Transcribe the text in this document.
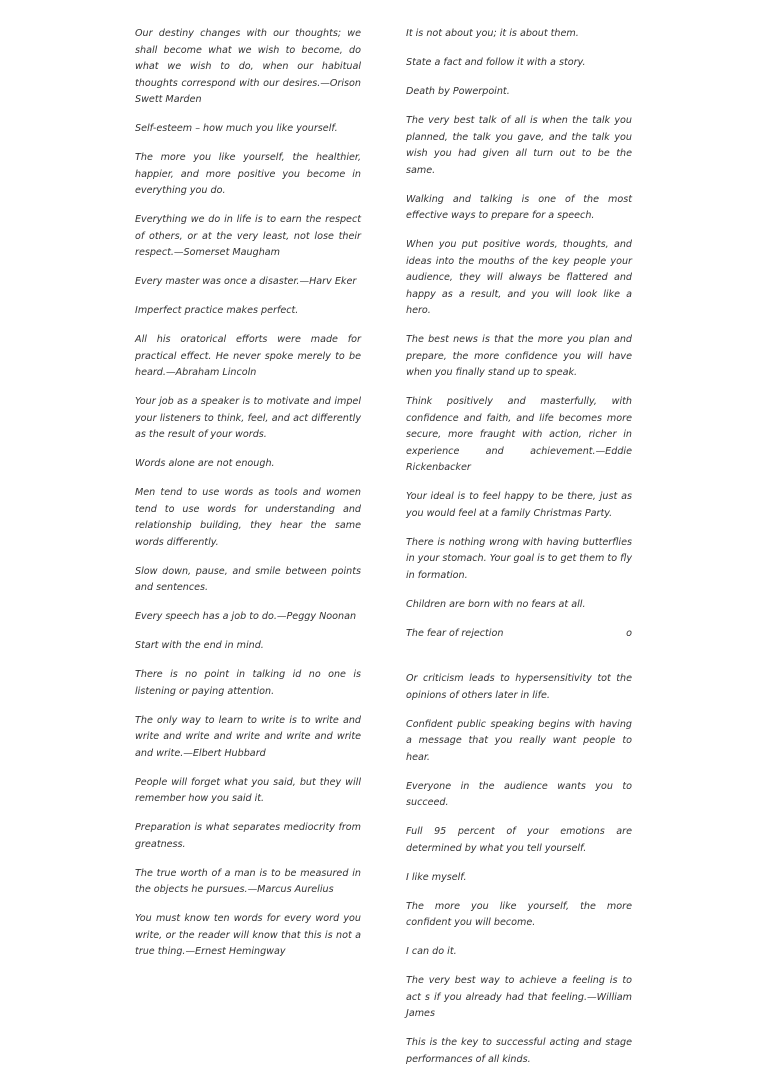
Our destiny changes with our thoughts; we shall become what we wish to become, do what we wish to do, when our habitual thoughts correspond with our desires.—Orison Swett Marden

Self-esteem – how much you like yourself.

The more you like yourself, the healthier, happier, and more positive you become in everything you do.

Everything we do in life is to earn the respect of others, or at the very least, not lose their respect.—Somerset Maugham

Every master was once a disaster.—Harv Eker

Imperfect practice makes perfect.

All his oratorical efforts were made for practical effect. He never spoke merely to be heard.—Abraham Lincoln

Your job as a speaker is to motivate and impel your listeners to think, feel, and act differently as the result of your words.

Words alone are not enough.

Men tend to use words as tools and women tend to use words for understanding and relationship building, they hear the same words differently.

Slow down, pause, and smile between points and sentences.

Every speech has a job to do.—Peggy Noonan

Start with the end in mind.

There is no point in talking id no one is listening or paying attention.

The only way to learn to write is to write and write and write and write and write and write and write.—Elbert Hubbard

People will forget what you said, but they will remember how you said it.

Preparation is what separates mediocrity from greatness.

The true worth of a man is to be measured in the objects he pursues.—Marcus Aurelius

You must know ten words for every word you write, or the reader will know that this is not a true thing.—Ernest Hemingway

It is not about you; it is about them.

State a fact and follow it with a story.

Death by Powerpoint.

The very best talk of all is when the talk you planned, the talk you gave, and the talk you wish you had given all turn out to be the same.

Walking and talking is one of the most effective ways to prepare for a speech.

When you put positive words, thoughts, and ideas into the mouths of the key people your audience, they will always be flattered and happy as a result, and you will look like a hero.

The best news is that the more you plan and prepare, the more confidence you will have when you finally stand up to speak.

Think positively and masterfully, with confidence and faith, and life becomes more secure, more fraught with action, richer in experience and achievement.—Eddie Rickenbacker

Your ideal is to feel happy to be there, just as you would feel at a family Christmas Party.

There is nothing wrong with having butterflies in your stomach. Your goal is to get them to fly in formation.

Children are born with no fears at all.

The fear of rejection	o

Or criticism leads to hypersensitivity tot the opinions of others later in life.

Confident public speaking begins with having a message that you really want people to hear.

Everyone in the audience wants you to succeed.

Full 95 percent of your emotions are determined by what you tell yourself.

I like myself.

The more you like yourself, the more confident you will become.

I can do it.

The very best way to achieve a feeling is to act s if you already had that feeling.—William James

This is the key to successful acting and stage performances of all kinds.
